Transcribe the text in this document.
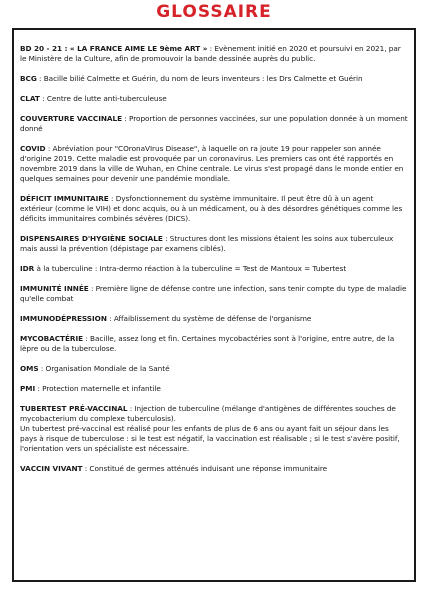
GLOSSAIRE

BD 20 - 21 : « LA FRANCE AIME LE 9ème ART » : Evènement initié en 2020 et poursuivi en 2021, par le Ministère de la Culture, afin de promouvoir la bande dessinée auprès du public.

BCG : Bacille bilié Calmette et Guérin, du nom de leurs inventeurs : les Drs Calmette et Guérin

CLAT : Centre de lutte anti-tuberculeuse

COUVERTURE VACCINALE : Proportion de personnes vaccinées, sur une population donnée à un moment donné

COVID : Abréviation pour "COronaVIrus Disease", à laquelle on ra joute 19 pour rappeler son année d'origine 2019. Cette maladie est provoquée par un coronavirus. Les premiers cas ont été rapportés en novembre 2019 dans la ville de Wuhan, en Chine centrale. Le virus s'est propagé dans le monde entier en quelques semaines pour devenir une pandémie mondiale.

DÉFICIT IMMUNITAIRE : Dysfonctionnement du système immunitaire. Il peut être dû à un agent extérieur (comme le VIH) et donc acquis, ou à un médicament, ou à des désordres génétiques comme les déficits immunitaires combinés sévères (DICS).

DISPENSAIRES D'HYGIÈNE SOCIALE : Structures dont les missions étaient les soins aux tuberculeux mais aussi la prévention (dépistage par examens ciblés).

IDR à la tuberculine : Intra-dermo réaction à la tuberculine = Test de Mantoux = Tubertest

IMMUNITÉ INNÉE : Première ligne de défense contre une infection, sans tenir compte du type de maladie qu'elle combat

IMMUNODÉPRESSION : Affaiblissement du système de défense de l'organisme

MYCOBACTÉRIE : Bacille, assez long et fin. Certaines mycobactéries sont à l'origine, entre autre, de la lèpre ou de la tuberculose.

OMS : Organisation Mondiale de la Santé

PMI : Protection maternelle et infantile

TUBERTEST PRÉ-VACCINAL : Injection de tuberculine (mélange d'antigènes de différentes souches de mycobacterium du complexe tuberculosis).

Un tubertest pré-vaccinal est réalisé pour les enfants de plus de 6 ans ou ayant fait un séjour dans les pays à risque de tuberculose : si le test est négatif, la vaccination est réalisable ; si le test s'avère positif, l'orientation vers un spécialiste est nécessaire.

VACCIN VIVANT : Constitué de germes atténués induisant une réponse immunitaire
